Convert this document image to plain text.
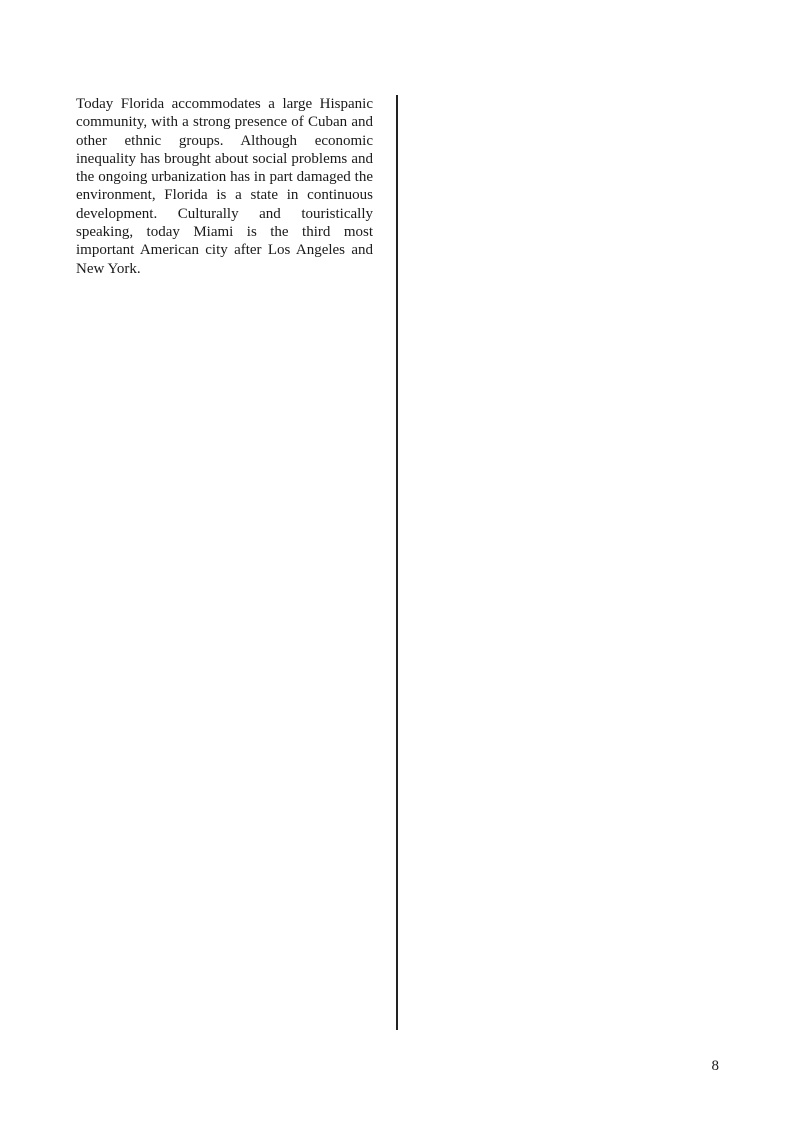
Today Florida accommodates a large Hispanic community, with a strong presence of Cuban and other ethnic groups. Although economic inequality has brought about social problems and the ongoing urbanization has in part damaged the environment, Florida is a state in continuous development. Culturally and touristically speaking, today Miami is the third most important American city after Los Angeles and New York.

8
